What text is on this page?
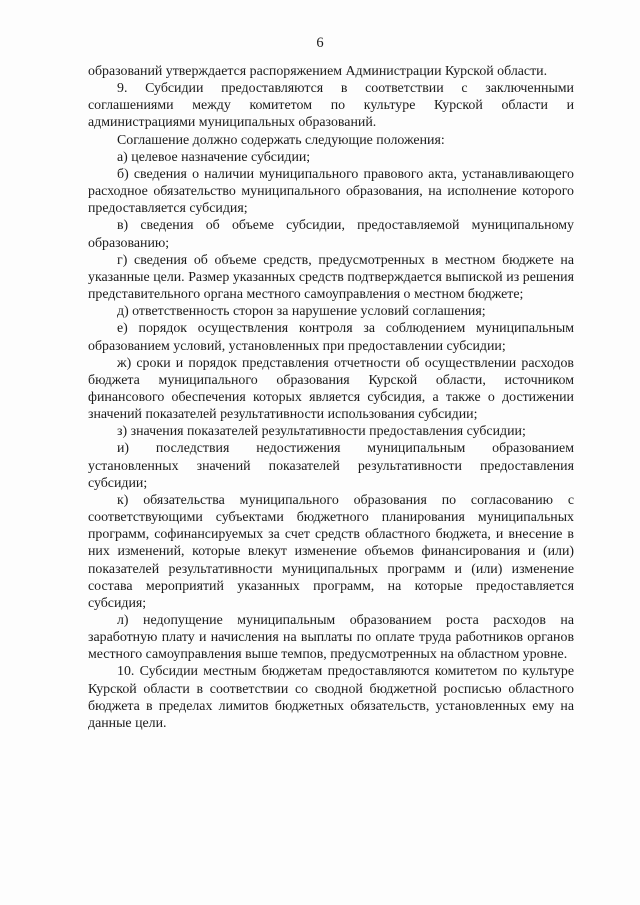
6

образований утверждается распоряжением Администрации Курской области.

9. Субсидии предоставляются в соответствии с заключенными соглашениями между комитетом по культуре Курской области и администрациями муниципальных образований.

Соглашение должно содержать следующие положения:

а) целевое назначение субсидии;

б) сведения о наличии муниципального правового акта, устанавливающего расходное обязательство муниципального образования, на исполнение которого предоставляется субсидия;

в) сведения об объеме субсидии, предоставляемой муниципальному образованию;

г) сведения об объеме средств, предусмотренных в местном бюджете на указанные цели. Размер указанных средств подтверждается выпиской из решения представительного органа местного самоуправления о местном бюджете;

д) ответственность сторон за нарушение условий соглашения;

е) порядок осуществления контроля за соблюдением муниципальным образованием условий, установленных при предоставлении субсидии;

ж) сроки и порядок представления отчетности об осуществлении расходов бюджета муниципального образования Курской области, источником финансового обеспечения которых является субсидия, а также о достижении значений показателей результативности использования субсидии;

з) значения показателей результативности предоставления субсидии;

и) последствия недостижения муниципальным образованием установленных значений показателей результативности предоставления субсидии;

к) обязательства муниципального образования по согласованию с соответствующими субъектами бюджетного планирования муниципальных программ, софинансируемых за счет средств областного бюджета, и внесение в них изменений, которые влекут изменение объемов финансирования и (или) показателей результативности муниципальных программ и (или) изменение состава мероприятий указанных программ, на которые предоставляется субсидия;

л) недопущение муниципальным образованием роста расходов на заработную плату и начисления на выплаты по оплате труда работников органов местного самоуправления выше темпов, предусмотренных на областном уровне.

10. Субсидии местным бюджетам предоставляются комитетом по культуре Курской области в соответствии со сводной бюджетной росписью областного бюджета в пределах лимитов бюджетных обязательств, установленных ему на данные цели.
